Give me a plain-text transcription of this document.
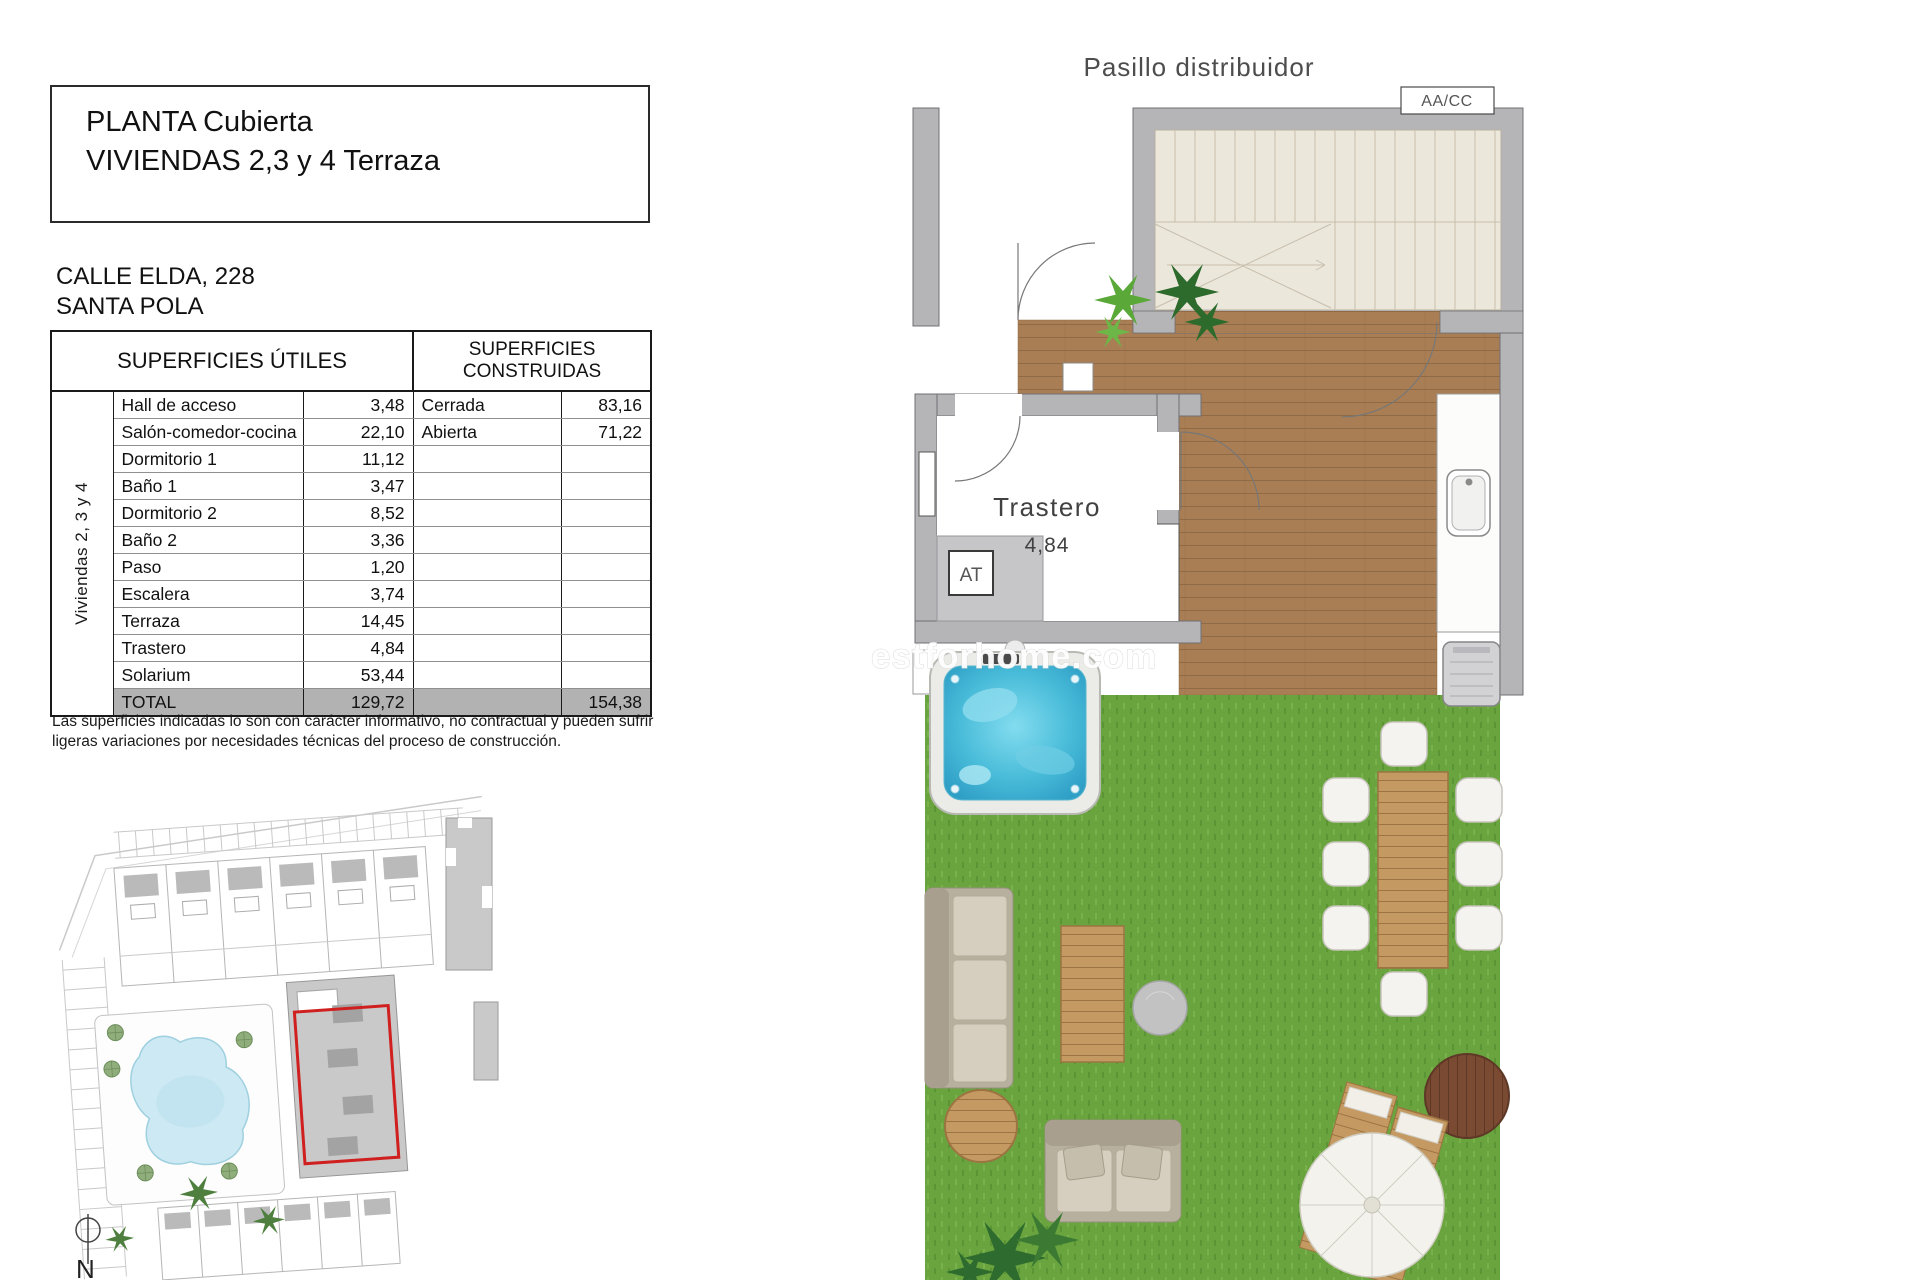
PLANTA Cubierta
VIVIENDAS 2,3 y 4 Terraza
CALLE ELDA, 228
SANTA POLA
SUPERFICIES ÚTILES			SUPERFICIES CONSTRUIDAS	

Viviendas 2, 3 y 4	Hall de acceso	3,48	Cerrada	83,16
	Salón-comedor-cocina	22,10	Abierta	71,22
	Dormitorio 1	11,12		
	Baño 1	3,47		
	Dormitorio 2	8,52		
	Baño 2	3,36		
	Paso	1,20		
	Escalera	3,74		
	Terraza	14,45		
	Trastero	4,84		
	Solarium	53,44		
	TOTAL	129,72		154,38
Las superficies indicadas lo son con carácter informativo, no contractual y pueden sufrir
ligeras variaciones por necesidades técnicas del proceso de construcción.
N
Pasillo distribuidor
AA/CC
AT
Trastero
4,84
estforhome.com
